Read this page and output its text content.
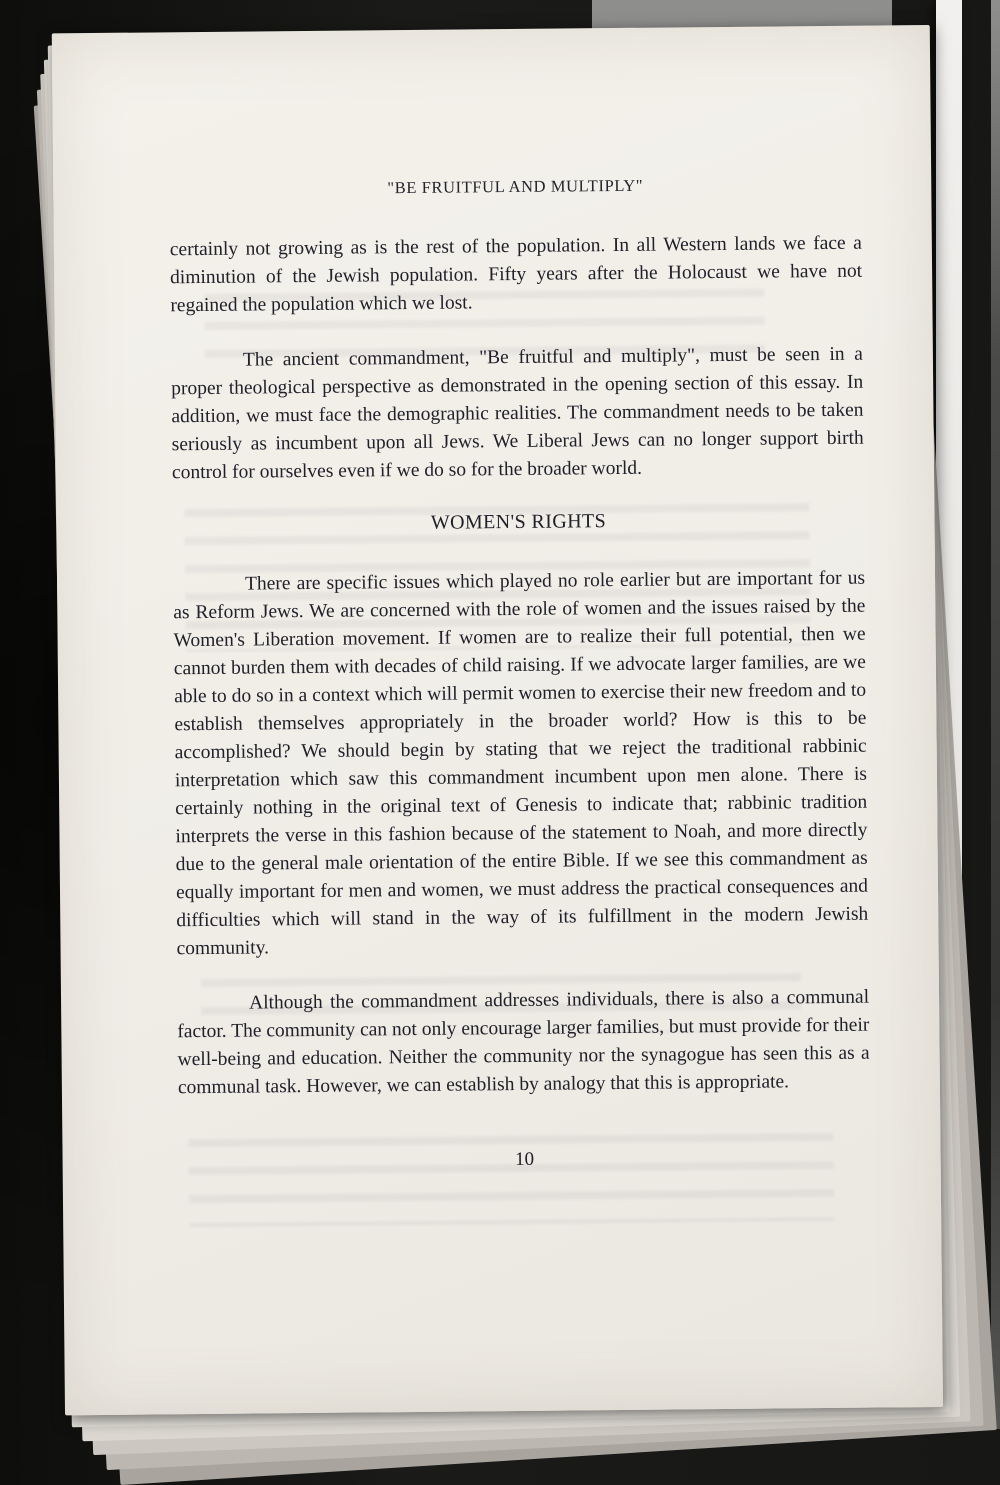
"BE FRUITFUL AND MULTIPLY"

certainly not growing as is the rest of the population. In all Western lands we face a diminution of the Jewish population. Fifty years after the Holocaust we have not regained the population which we lost.

The ancient commandment, "Be fruitful and multiply", must be seen in a proper theological perspective as demonstrated in the opening section of this essay. In addition, we must face the demographic realities. The commandment needs to be taken seriously as incumbent upon all Jews. We Liberal Jews can no longer support birth control for ourselves even if we do so for the broader world.

WOMEN'S RIGHTS

There are specific issues which played no role earlier but are important for us as Reform Jews. We are concerned with the role of women and the issues raised by the Women's Liberation movement. If women are to realize their full potential, then we cannot burden them with decades of child raising. If we advocate larger families, are we able to do so in a context which will permit women to exercise their new freedom and to establish themselves appropriately in the broader world? How is this to be accomplished? We should begin by stating that we reject the traditional rabbinic interpretation which saw this commandment incumbent upon men alone. There is certainly nothing in the original text of Genesis to indicate that; rabbinic tradition interprets the verse in this fashion because of the statement to Noah, and more directly due to the general male orientation of the entire Bible. If we see this commandment as equally important for men and women, we must address the practical consequences and difficulties which will stand in the way of its fulfillment in the modern Jewish community.

Although the commandment addresses individuals, there is also a communal factor. The community can not only encourage larger families, but must provide for their well-being and education. Neither the community nor the synagogue has seen this as a communal task. However, we can establish by analogy that this is appropriate.

10
